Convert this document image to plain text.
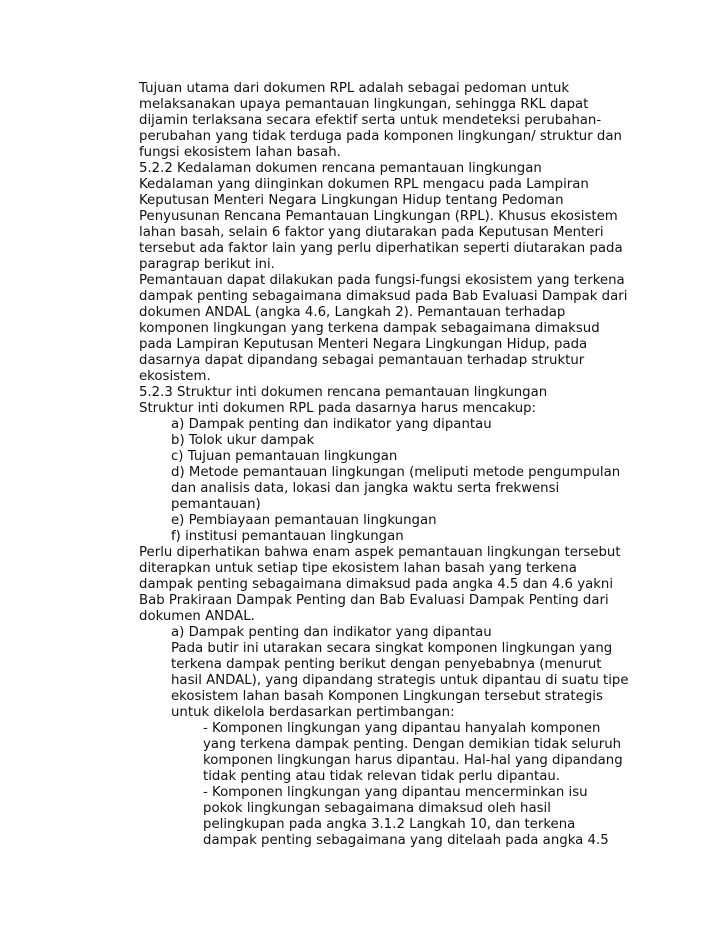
Tujuan utama dari dokumen RPL adalah sebagai pedoman untuk
melaksanakan upaya pemantauan lingkungan, sehingga RKL dapat
dijamin terlaksana secara efektif serta untuk mendeteksi perubahan-
perubahan yang tidak terduga pada komponen lingkungan/ struktur dan
fungsi ekosistem lahan basah.
5.2.2 Kedalaman dokumen rencana pemantauan lingkungan
Kedalaman yang diinginkan dokumen RPL mengacu pada Lampiran
Keputusan Menteri Negara Lingkungan Hidup tentang Pedoman
Penyusunan Rencana Pemantauan Lingkungan (RPL). Khusus ekosistem
lahan basah, selain 6 faktor yang diutarakan pada Keputusan Menteri
tersebut ada faktor lain yang perlu diperhatikan seperti diutarakan pada
paragrap berikut ini.
Pemantauan dapat dilakukan pada fungsi-fungsi ekosistem yang terkena
dampak penting sebagaimana dimaksud pada Bab Evaluasi Dampak dari
dokumen ANDAL (angka 4.6, Langkah 2). Pemantauan terhadap
komponen lingkungan yang terkena dampak sebagaimana dimaksud
pada Lampiran Keputusan Menteri Negara Lingkungan Hidup, pada
dasarnya dapat dipandang sebagai pemantauan terhadap struktur
ekosistem.
5.2.3 Struktur inti dokumen rencana pemantauan lingkungan
Struktur inti dokumen RPL pada dasarnya harus mencakup:
a) Dampak penting dan indikator yang dipantau
b) Tolok ukur dampak
c) Tujuan pemantauan lingkungan
d) Metode pemantauan lingkungan (meliputi metode pengumpulan
dan analisis data, lokasi dan jangka waktu serta frekwensi
pemantauan)
e) Pembiayaan pemantauan lingkungan
f) institusi pemantauan lingkungan
Perlu diperhatikan bahwa enam aspek pemantauan lingkungan tersebut
diterapkan untuk setiap tipe ekosistem lahan basah yang terkena
dampak penting sebagaimana dimaksud pada angka 4.5 dan 4.6 yakni
Bab Prakiraan Dampak Penting dan Bab Evaluasi Dampak Penting dari
dokumen ANDAL.
a) Dampak penting dan indikator yang dipantau
Pada butir ini utarakan secara singkat komponen lingkungan yang
terkena dampak penting berikut dengan penyebabnya (menurut
hasil ANDAL), yang dipandang strategis untuk dipantau di suatu tipe
ekosistem lahan basah Komponen Lingkungan tersebut strategis
untuk dikelola berdasarkan pertimbangan:
- Komponen lingkungan yang dipantau hanyalah komponen
yang terkena dampak penting. Dengan demikian tidak seluruh
komponen lingkungan harus dipantau. Hal-hal yang dipandang
tidak penting atau tidak relevan tidak perlu dipantau.
- Komponen lingkungan yang dipantau mencerminkan isu
pokok lingkungan sebagaimana dimaksud oleh hasil
pelingkupan pada angka 3.1.2 Langkah 10, dan terkena
dampak penting sebagaimana yang ditelaah pada angka 4.5
